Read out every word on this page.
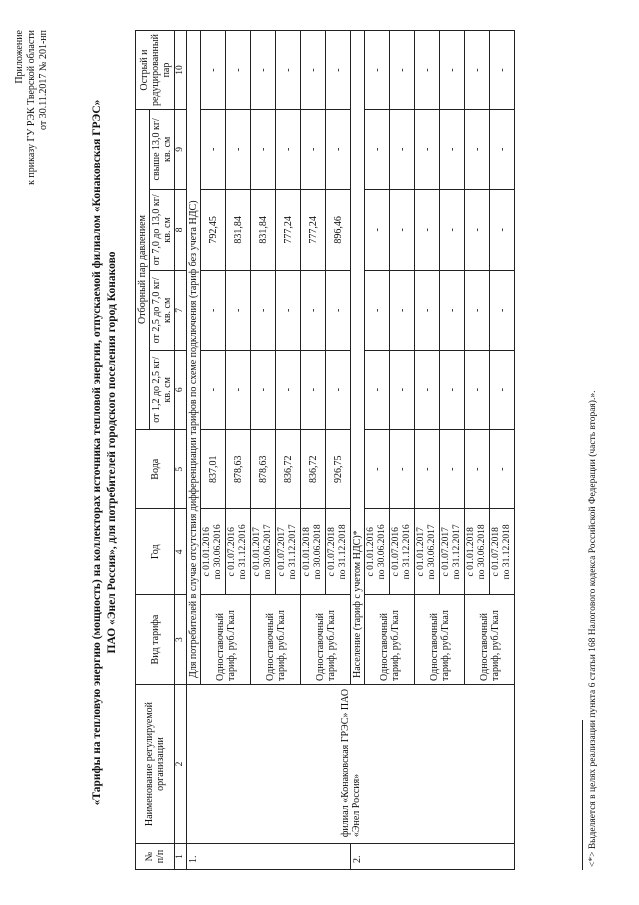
Приложение к приказу ГУ РЭК Тверской области от 30.11.2017 № 201-нп
«Тарифы на тепловую энергию (мощность) на коллекторах источника тепловой энергии, отпускаемой филиалом «Конаковская ГРЭС» ПАО «Энел Россия», для потребителей городского поселения город Конаково
№ п/п	Наименование регулируемой организации	Вид тарифа	Год	Вода	Отборный пар давлением				Острый и редуцированный пар
					от 1,2 до 2,5 кг/кв. см	от 2,5 до 7,0 кг/кв. см	от 7,0 до 13,0 кг/кв. см	свыше 13,0 кг/кв. см	
1	2	3	4	5	6	7	8	9	10
1.	филиал «Конаковская ГРЭС» ПАО «Энел Россия»	Для потребителей в случае отсутствия дифференциации тарифов по схеме подключения (тариф без учета НДС)							
		Одноставочный тариф, руб./Гкал	с 01.01.2016 по 30.06.2016	837,01	-	-	792,45	-	-

			с 01.07.2016 по 31.12.2016	878,63	-	-	831,84	-	-
		Одноставочный тариф, руб./Гкал	с 01.01.2017 по 30.06.2017	878,63	-	-	831,84	-	-

			с 01.07.2017 по 31.12.2017	836,72	-	-	777,24	-	-
		Одноставочный тариф, руб./Гкал	с 01.01.2018 по 30.06.2018	836,72	-	-	777,24	-	-

			с 01.07.2018 по 31.12.2018	926,75	-	-	896,46	-	-
2.		Население (тариф с учетом НДС)*							
		Одноставочный тариф, руб./Гкал	с 01.01.2016 по 30.06.2016	-	-	-	-	-	-

			с 01.07.2016 по 31.12.2016	-	-	-	-	-	-
		Одноставочный тариф, руб./Гкал	с 01.01.2017 по 30.06.2017	-	-	-	-	-	-

			с 01.07.2017 по 31.12.2017	-	-	-	-	-	-
		Одноставочный тариф, руб./Гкал	с 01.01.2018 по 30.06.2018	-	-	-	-	-	-

			с 01.07.2018 по 31.12.2018	-	-	-	-	-	-
<*> Выделяется в целях реализации пункта 6 статьи 168 Налогового кодекса Российской Федерации (часть вторая).».
